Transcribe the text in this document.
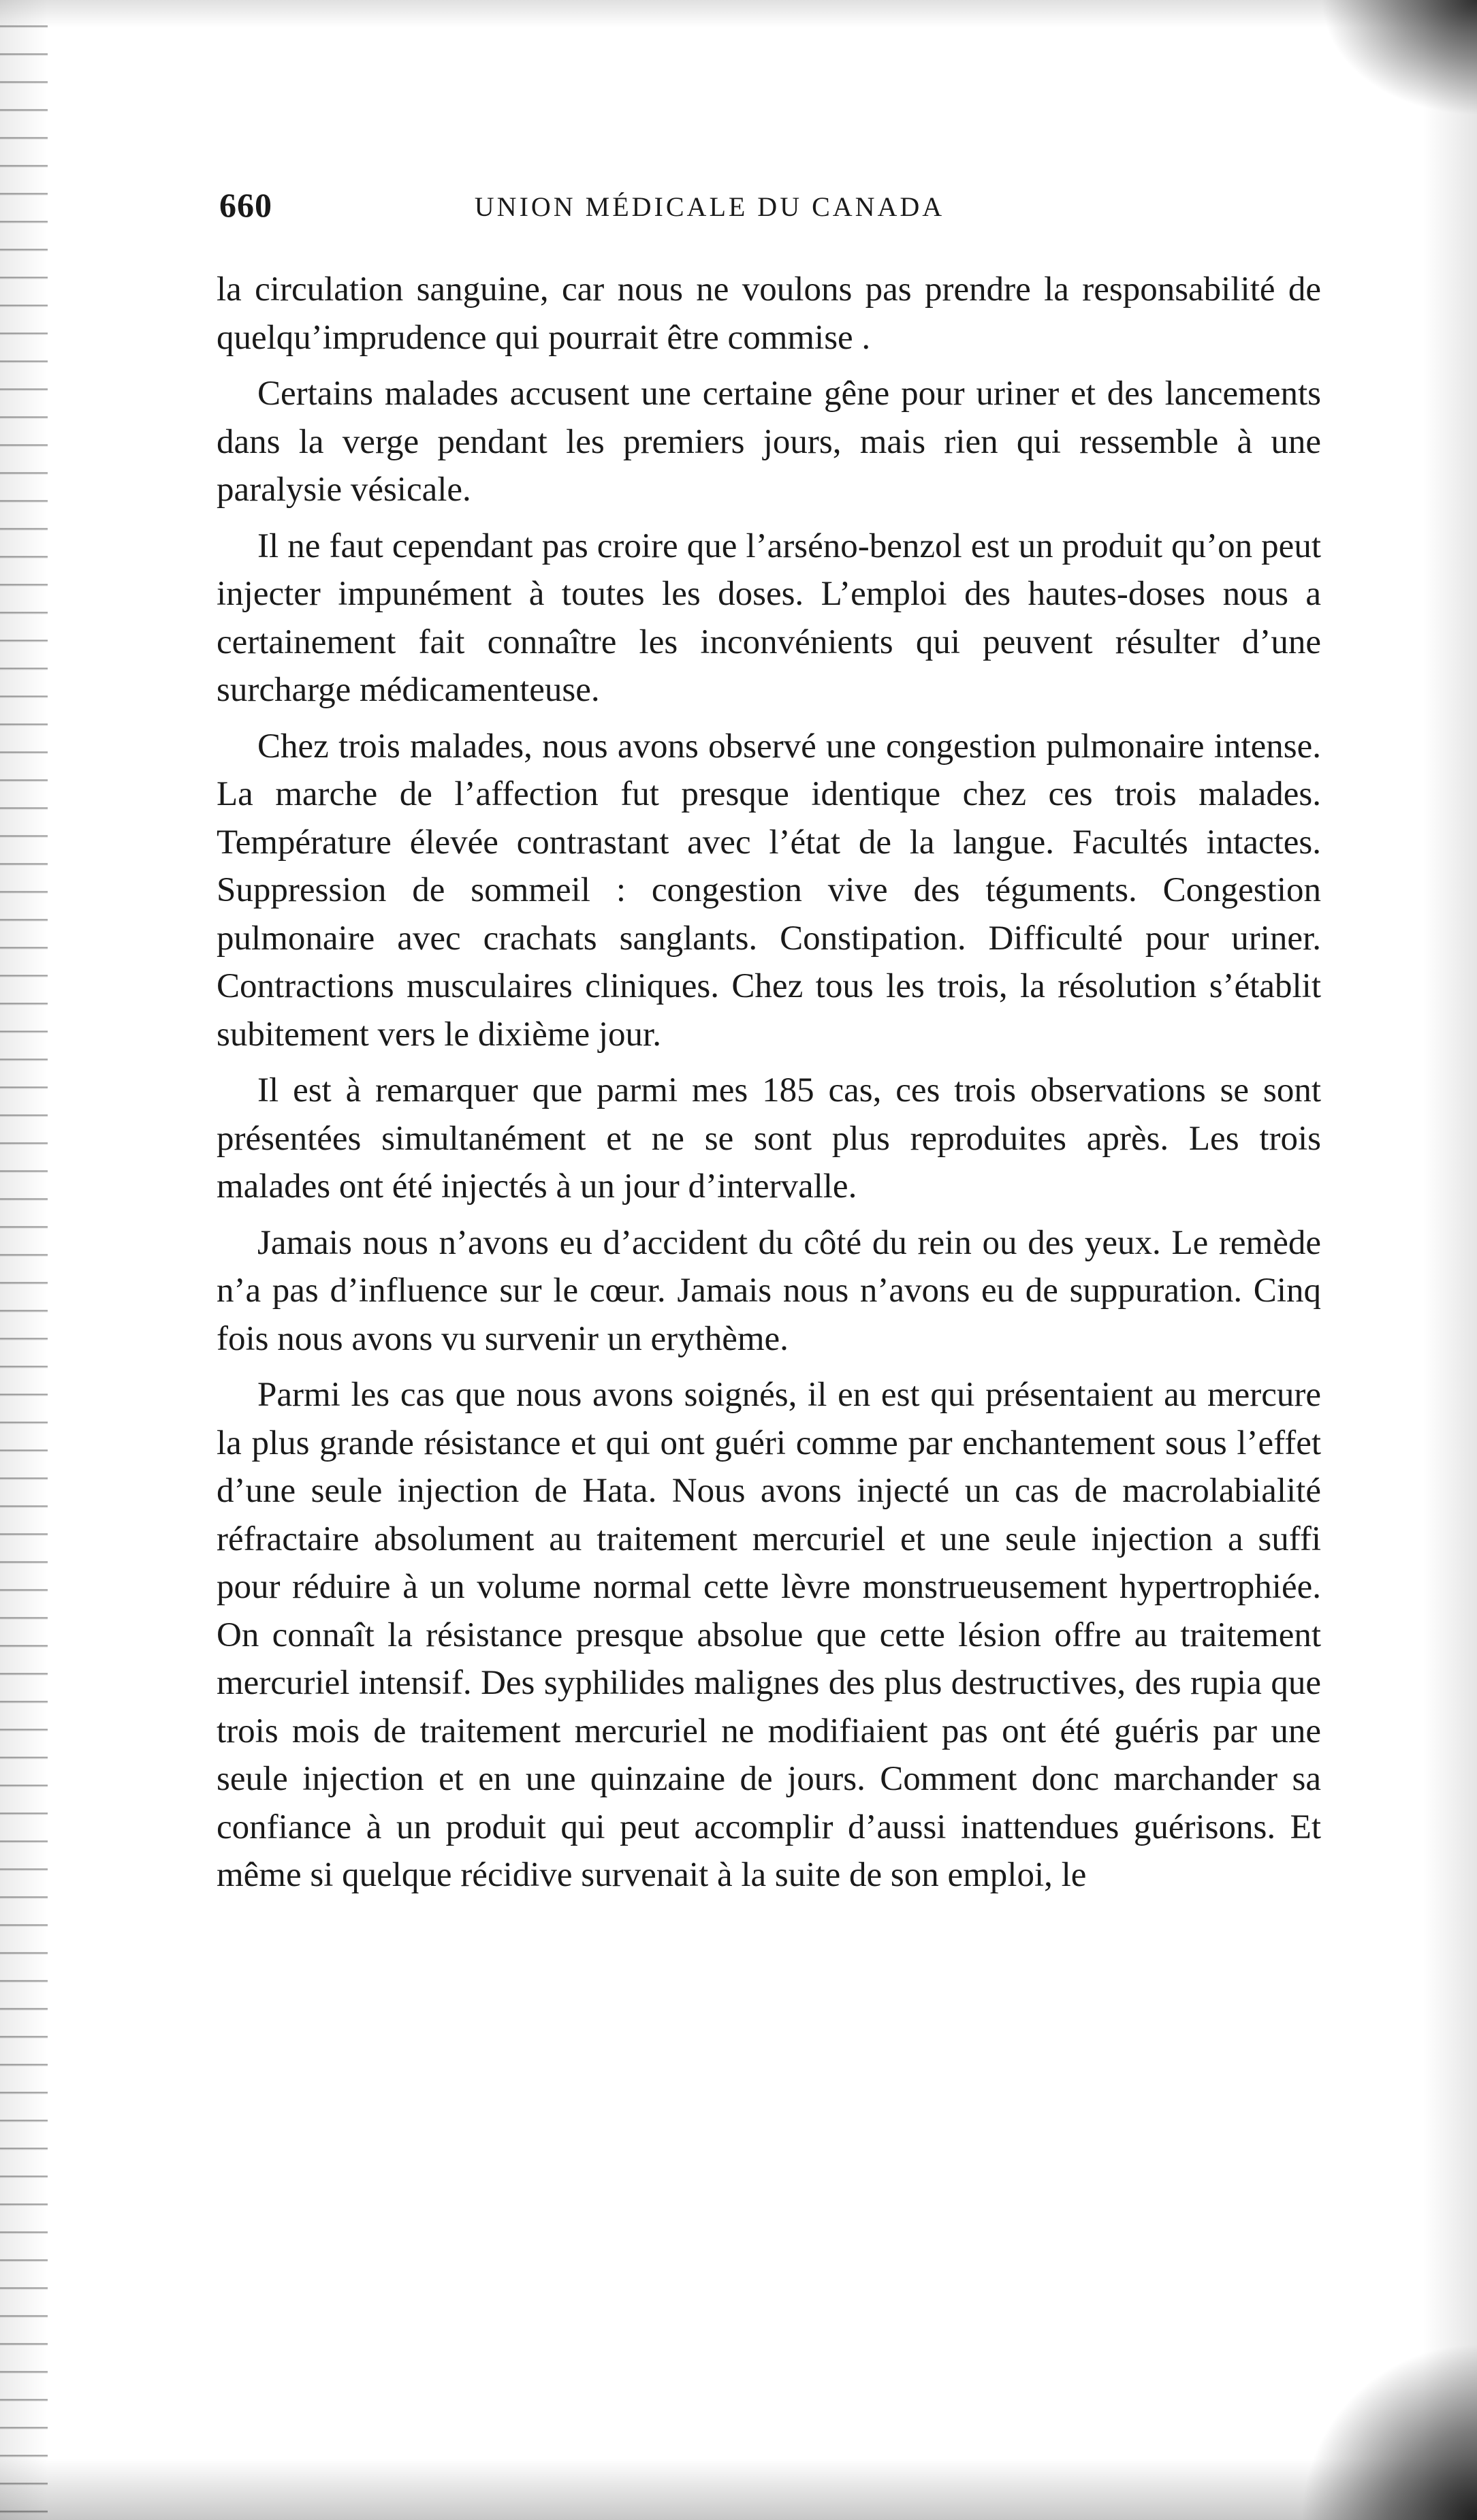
660	UNION MÉDICALE DU CANADA

la circulation sanguine, car nous ne voulons pas prendre la responsabilité de quelqu’imprudence qui pourrait être commise .

Certains malades accusent une certaine gêne pour uriner et des lancements dans la verge pendant les premiers jours, mais rien qui ressemble à une paralysie vésicale.

Il ne faut cependant pas croire que l’arséno-benzol est un produit qu’on peut injecter impunément à toutes les doses. L’emploi des hautes-doses nous a certainement fait connaître les inconvénients qui peuvent résulter d’une surcharge médicamenteuse.

Chez trois malades, nous avons observé une congestion pulmonaire intense. La marche de l’affection fut presque identique chez ces trois malades. Température élevée contrastant avec l’état de la langue. Facultés intactes. Suppression de sommeil : congestion vive des téguments. Congestion pulmonaire avec crachats sanglants. Constipation. Difficulté pour uriner. Contractions musculaires cliniques. Chez tous les trois, la résolution s’établit subitement vers le dixième jour.

Il est à remarquer que parmi mes 185 cas, ces trois observations se sont présentées simultanément et ne se sont plus reproduites après. Les trois malades ont été injectés à un jour d’intervalle.

Jamais nous n’avons eu d’accident du côté du rein ou des yeux. Le remède n’a pas d’influence sur le cœur. Jamais nous n’avons eu de suppuration. Cinq fois nous avons vu survenir un erythème.

Parmi les cas que nous avons soignés, il en est qui présentaient au mercure la plus grande résistance et qui ont guéri comme par enchantement sous l’effet d’une seule injection de Hata. Nous avons injecté un cas de macrolabialité réfractaire absolument au traitement mercuriel et une seule injection a suffi pour réduire à un volume normal cette lèvre monstrueusement hypertrophiée. On connaît la résistance presque absolue que cette lésion offre au traitement mercuriel intensif. Des syphilides malignes des plus destructives, des rupia que trois mois de traitement mercuriel ne modifiaient pas ont été guéris par une seule injection et en une quinzaine de jours. Comment donc marchander sa confiance à un produit qui peut accomplir d’aussi inattendues guérisons. Et même si quelque récidive survenait à la suite de son emploi, le
